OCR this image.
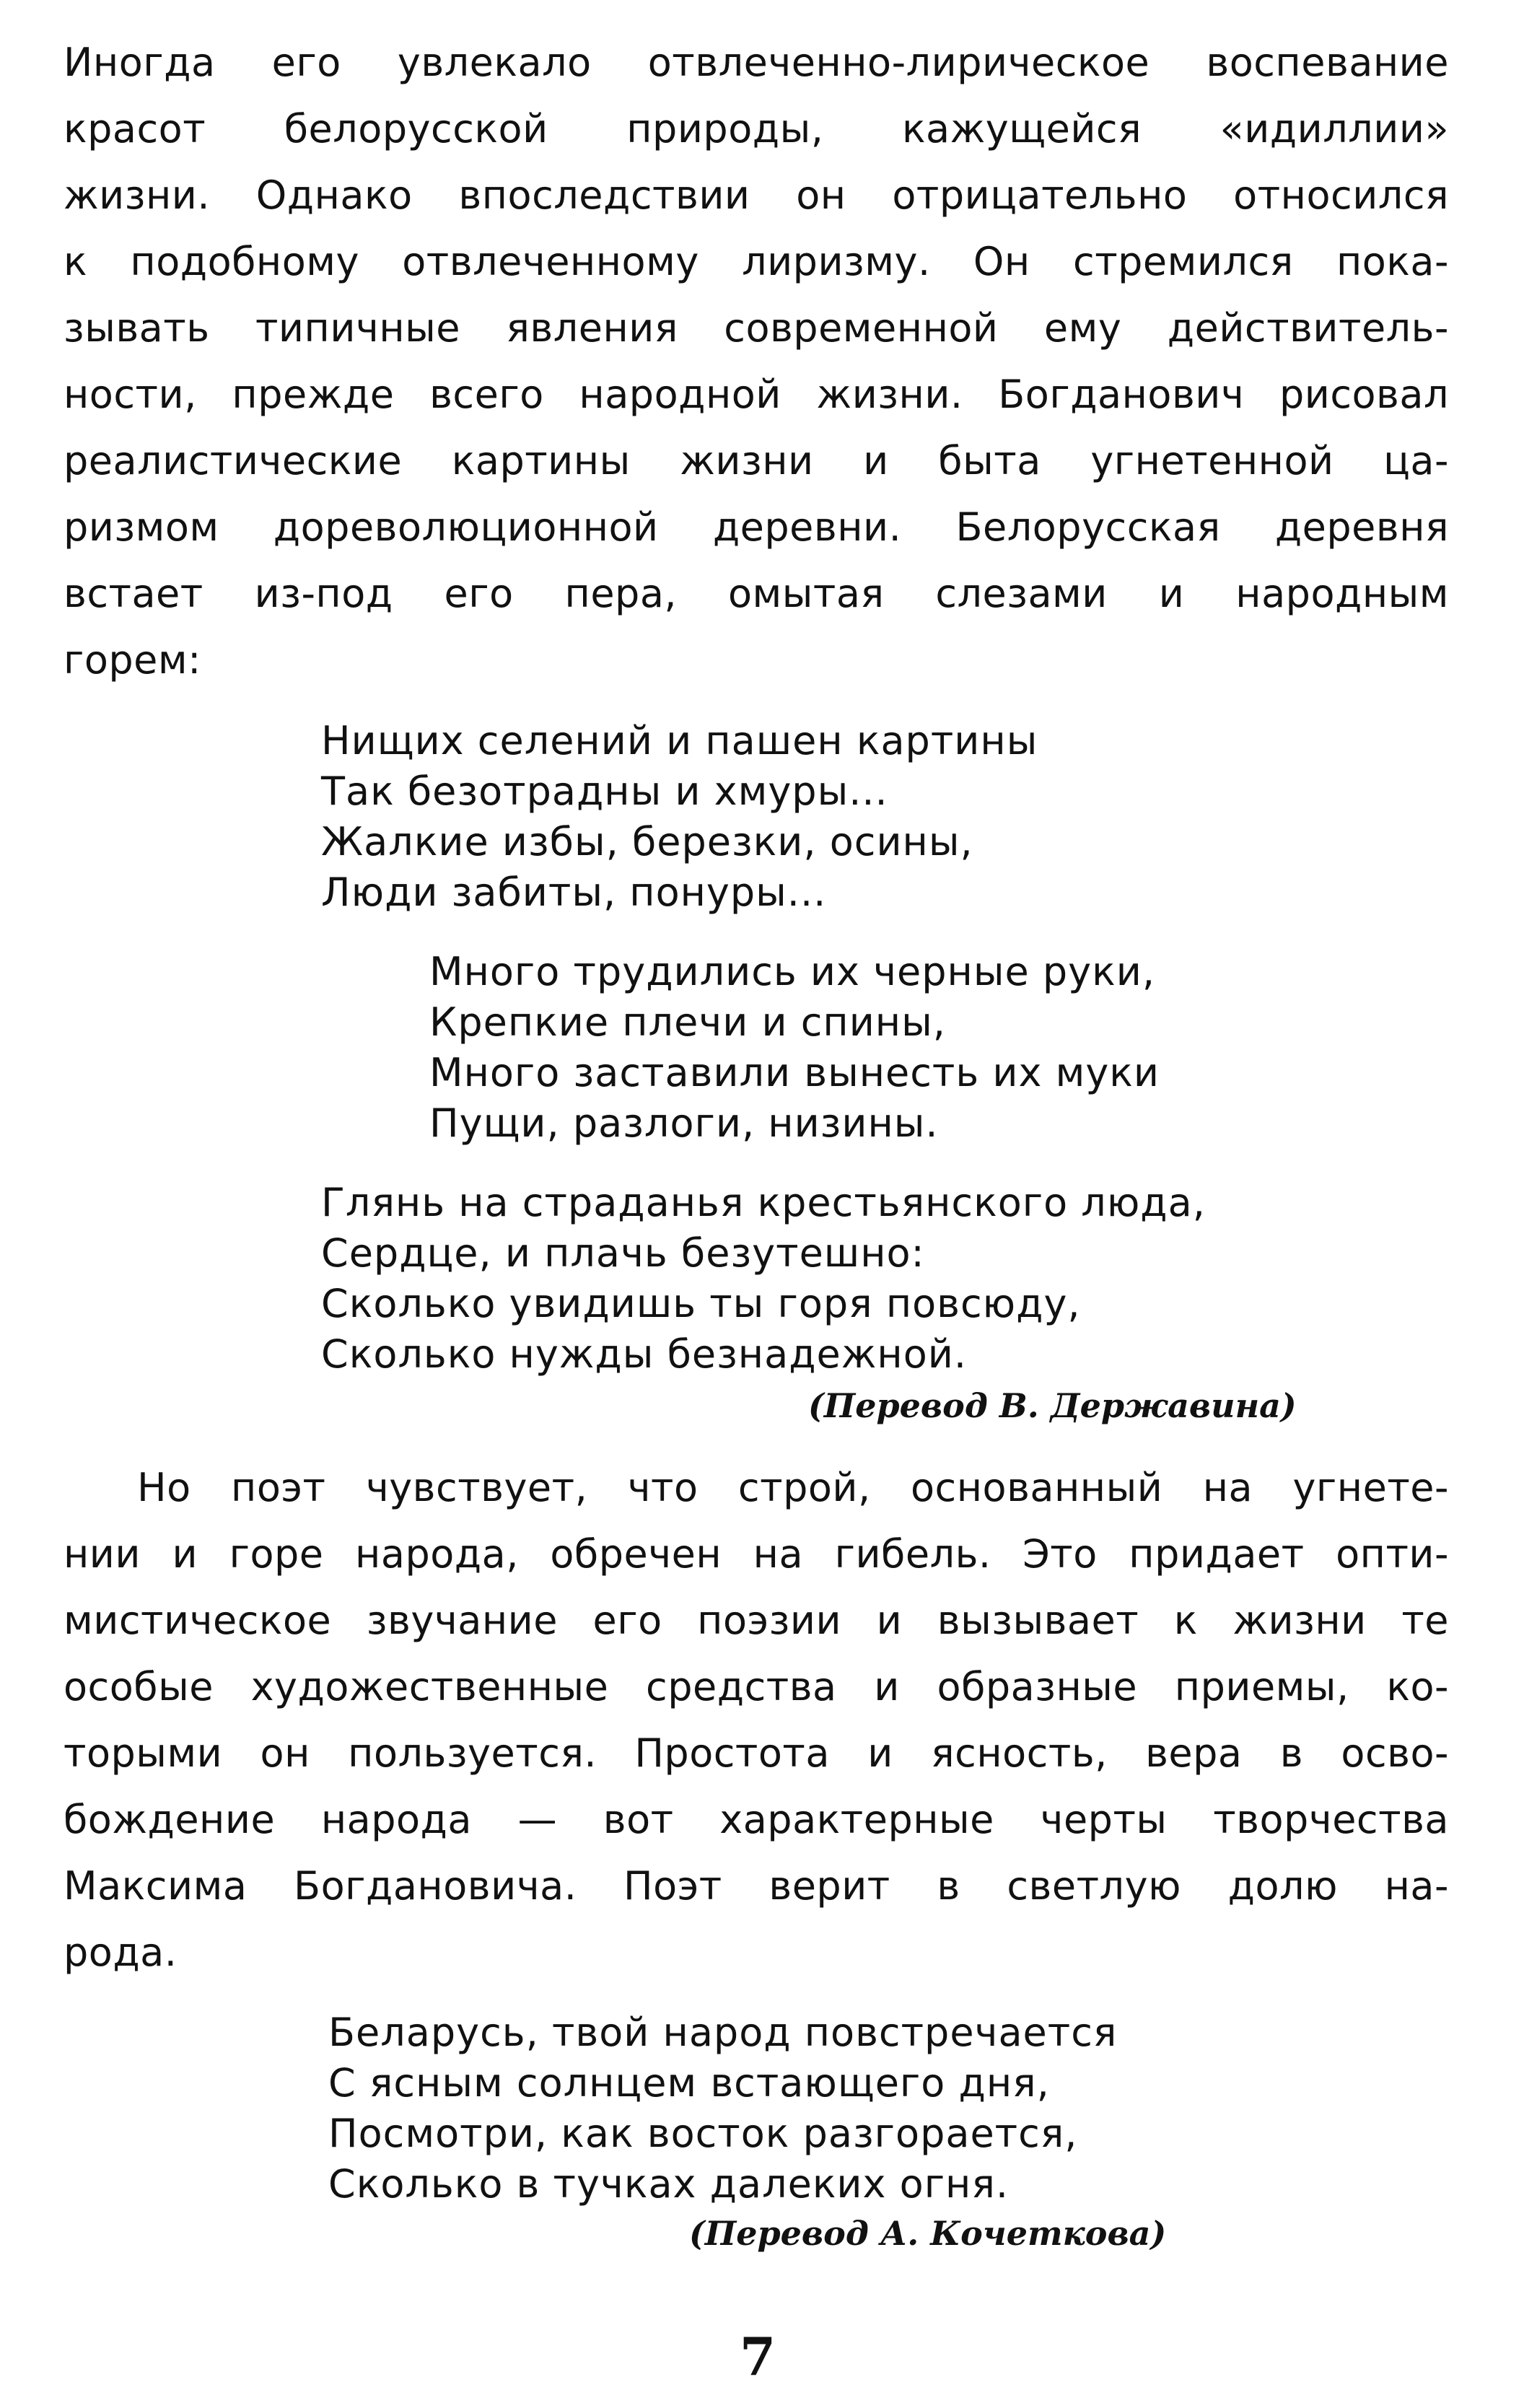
Иногда его увлекало отвлеченно-лирическое воспевание
красот белорусской природы, кажущейся «идиллии»
жизни. Однако впоследствии он отрицательно относился
к подобному отвлеченному лиризму. Он стремился пока-
зывать типичные явления современной ему действитель-
ности, прежде всего народной жизни. Богданович рисовал
реалистические картины жизни и быта угнетенной ца-
ризмом дореволюционной деревни. Белорусская деревня
встает из-под его пера, омытая слезами и народным
горем:
Нищих селений и пашен картины
Так безотрадны и хмуры...
Жалкие избы, березки, осины,
Люди забиты, понуры...
Много трудились их черные руки,
Крепкие плечи и спины,
Много заставили вынесть их муки
Пущи, разлоги, низины.
Глянь на страданья крестьянского люда,
Сердце, и плачь безутешно:
Сколько увидишь ты горя повсюду,
Сколько нужды безнадежной.
(Перевод В. Державина)
Но поэт чувствует, что строй, основанный на угнете-
нии и горе народа, обречен на гибель. Это придает опти-
мистическое звучание его поэзии и вызывает к жизни те
особые художественные средства и образные приемы, ко-
торыми он пользуется. Простота и ясность, вера в осво-
бождение народа — вот характерные черты творчества
Максима Богдановича. Поэт верит в светлую долю на-
рода.
Беларусь, твой народ повстречается
С ясным солнцем встающего дня,
Посмотри, как восток разгорается,
Сколько в тучках далеких огня.
(Перевод А. Кочеткова)
7
